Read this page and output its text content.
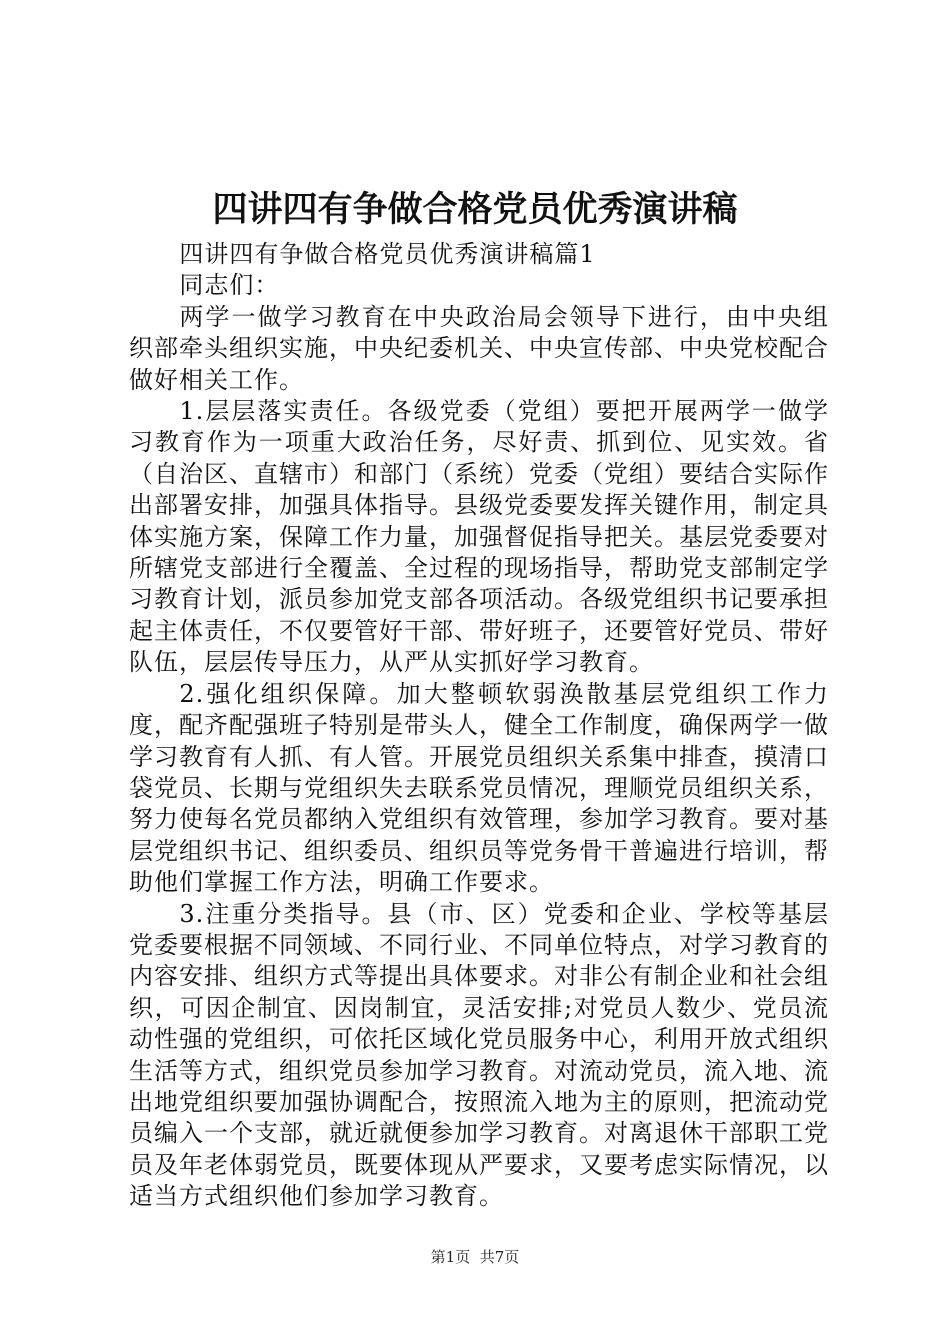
四讲四有争做合格党员优秀演讲稿

四讲四有争做合格党员优秀演讲稿篇1

同志们：

两学一做学习教育在中央政治局会领导下进行，由中央组织部牵头组织实施，中央纪委机关、中央宣传部、中央党校配合做好相关工作。

1.层层落实责任。各级党委（党组）要把开展两学一做学习教育作为一项重大政治任务，尽好责、抓到位、见实效。省（自治区、直辖市）和部门（系统）党委（党组）要结合实际作出部署安排，加强具体指导。县级党委要发挥关键作用，制定具体实施方案，保障工作力量，加强督促指导把关。基层党委要对所辖党支部进行全覆盖、全过程的现场指导，帮助党支部制定学习教育计划，派员参加党支部各项活动。各级党组织书记要承担起主体责任，不仅要管好干部、带好班子，还要管好党员、带好队伍，层层传导压力，从严从实抓好学习教育。

2.强化组织保障。加大整顿软弱涣散基层党组织工作力度，配齐配强班子特别是带头人，健全工作制度，确保两学一做学习教育有人抓、有人管。开展党员组织关系集中排查，摸清口袋党员、长期与党组织失去联系党员情况，理顺党员组织关系，努力使每名党员都纳入党组织有效管理，参加学习教育。要对基层党组织书记、组织委员、组织员等党务骨干普遍进行培训，帮助他们掌握工作方法，明确工作要求。

3.注重分类指导。县（市、区）党委和企业、学校等基层党委要根据不同领域、不同行业、不同单位特点，对学习教育的内容安排、组织方式等提出具体要求。对非公有制企业和社会组织，可因企制宜、因岗制宜，灵活安排;对党员人数少、党员流动性强的党组织，可依托区域化党员服务中心，利用开放式组织生活等方式，组织党员参加学习教育。对流动党员，流入地、流出地党组织要加强协调配合，按照流入地为主的原则，把流动党员编入一个支部，就近就便参加学习教育。对离退休干部职工党员及年老体弱党员，既要体现从严要求，又要考虑实际情况，以适当方式组织他们参加学习教育。

第1页 共7页
